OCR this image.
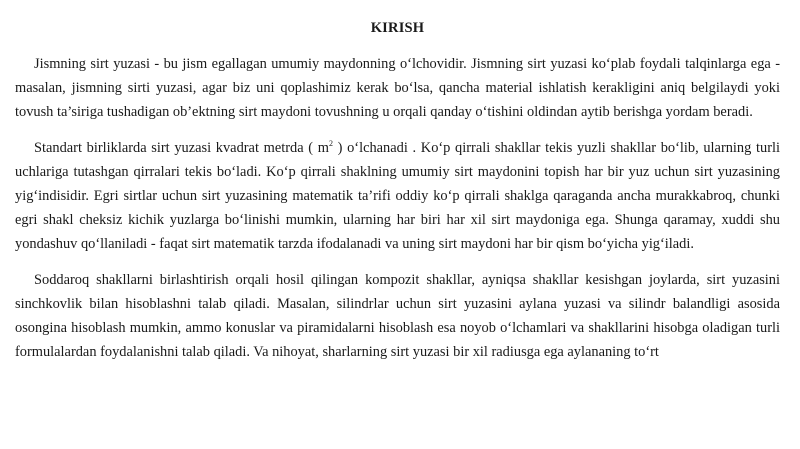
KIRISH

Jismning sirt yuzasi - bu jism egallagan umumiy maydonning o‘lchovidir. Jismning sirt yuzasi ko‘plab foydali talqinlarga ega - masalan, jismning sirti yuzasi, agar biz uni qoplashimiz kerak bo‘lsa, qancha material ishlatish kerakligini aniq belgilaydi yoki tovush ta’siriga tushadigan ob’ektning sirt maydoni tovushning u orqali qanday o‘tishini oldindan aytib berishga yordam beradi.

Standart birliklarda sirt yuzasi kvadrat metrda ( $m^2$ ) o‘lchanadi . Ko‘p qirrali shakllar tekis yuzli shakllar bo‘lib, ularning turli uchlariga tutashgan qirralari tekis bo‘ladi. Ko‘p qirrali shaklning umumiy sirt maydonini topish har bir yuz uchun sirt yuzasining yig‘indisidir. Egri sirtlar uchun sirt yuzasining matematik ta’rifi oddiy ko‘p qirrali shaklga qaraganda ancha murakkabroq, chunki egri shakl cheksiz kichik yuzlarga bo‘linishi mumkin, ularning har biri har xil sirt maydoniga ega. Shunga qaramay, xuddi shu yondashuv qo‘llaniladi - faqat sirt matematik tarzda ifodalanadi va uning sirt maydoni har bir qism bo‘yicha yig‘iladi.

Soddaroq shakllarni birlashtirish orqali hosil qilingan kompozit shakllar, ayniqsa shakllar kesishgan joylarda, sirt yuzasini sinchkovlik bilan hisoblashni talab qiladi. Masalan, silindrlar uchun sirt yuzasini aylana yuzasi va silindr balandligi asosida osongina hisoblash mumkin, ammo konuslar va piramidalarni hisoblash esa noyob o‘lchamlari va shakllarini hisobga oladigan turli formulalardan foydalanishni talab qiladi. Va nihoyat, sharlarning sirt yuzasi bir xil radiusga ega aylananing to‘rt
